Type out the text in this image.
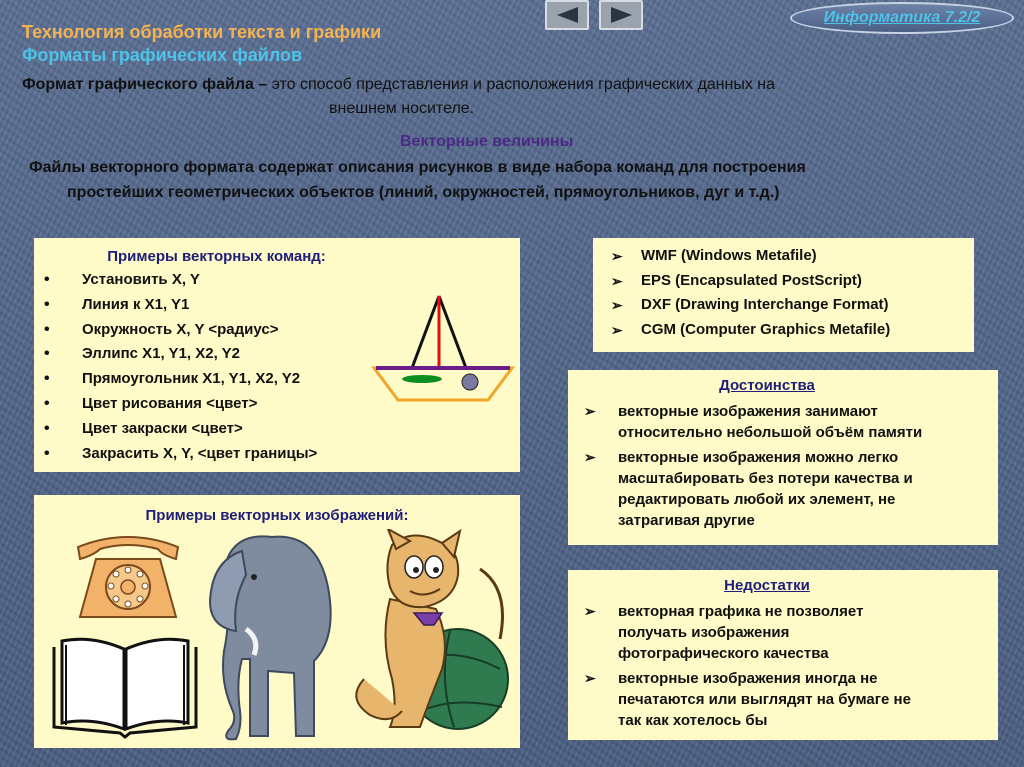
Технология обработки текста и графики
Форматы графических файлов
Информатика 7.2/2
Формат графического файла – это способ представления и расположения графических данных на
внешнем носителе.
Векторные величины
Файлы векторного формата содержат описания рисунков в виде набора команд для построения
простейших геометрических объектов (линий, окружностей, прямоугольников, дуг и т.д.)
Примеры векторных команд:
• Установить X, Y
• Линия к X1, Y1
• Окружность X, Y <радиус>
• Эллипс X1, Y1, X2, Y2
• Прямоугольник X1, Y1, X2, Y2
• Цвет рисования <цвет>
• Цвет закраски <цвет>
• Закрасить X, Y, <цвет границы>
➢ WMF (Windows Metafile)
➢ EPS (Encapsulated PostScript)
➢ DXF (Drawing Interchange Format)
➢ CGM (Computer Graphics Metafile)
Достоинства
➢ векторные изображения занимают
относительно небольшой объём памяти
➢ векторные изображения можно легко
масштабировать без потери качества и
редактировать любой их элемент, не
затрагивая другие
Недостатки
➢ векторная графика не позволяет
получать изображения
фотографического качества
➢ векторные изображения иногда не
печатаются или выглядят на бумаге не
так как хотелось бы
Примеры векторных изображений:
